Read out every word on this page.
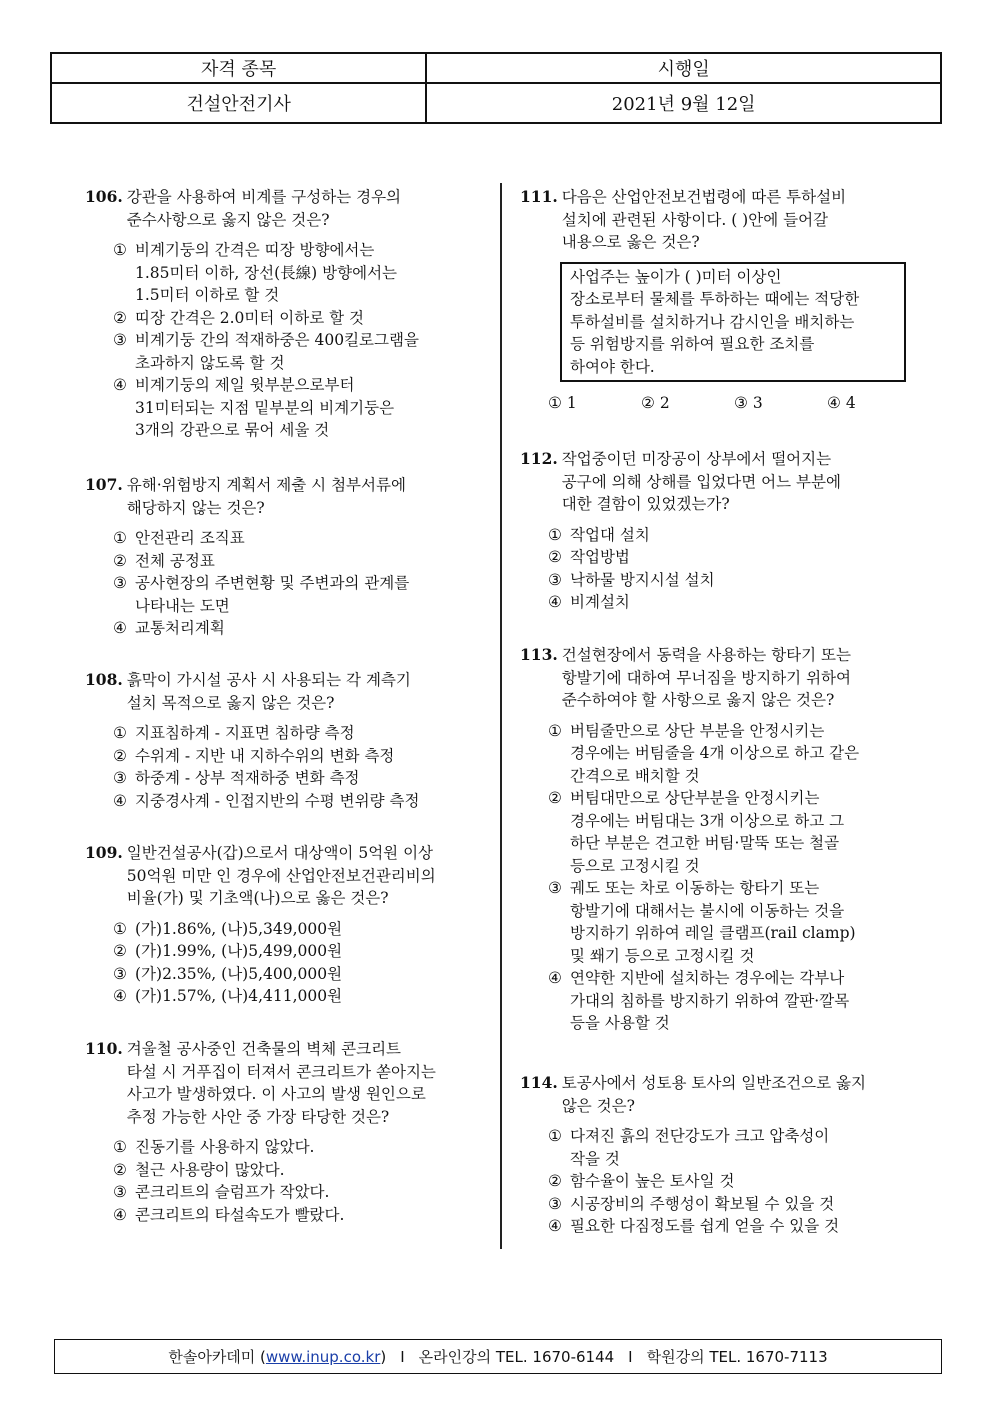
자격 종목	시행일
건설안전기사	2021년 9월 12일
106. 강관을 사용하여 비계를 구성하는 경우의
준수사항으로 옳지 않은 것은?
① 비계기둥의 간격은 띠장 방향에서는
1.85미터 이하, 장선(長線) 방향에서는
1.5미터 이하로 할 것
② 띠장 간격은 2.0미터 이하로 할 것
③ 비계기둥 간의 적재하중은 400킬로그램을
초과하지 않도록 할 것
④ 비계기둥의 제일 윗부분으로부터
31미터되는 지점 밑부분의 비계기둥은
3개의 강관으로 묶어 세울 것
107. 유해·위험방지 계획서 제출 시 첨부서류에
해당하지 않는 것은?
① 안전관리 조직표
② 전체 공정표
③ 공사현장의 주변현황 및 주변과의 관계를
나타내는 도면
④ 교통처리계획
108. 흙막이 가시설 공사 시 사용되는 각 계측기
설치 목적으로 옳지 않은 것은?
① 지표침하계 - 지표면 침하량 측정
② 수위계 - 지반 내 지하수위의 변화 측정
③ 하중계 - 상부 적재하중 변화 측정
④ 지중경사계 - 인접지반의 수평 변위량 측정
109. 일반건설공사(갑)으로서 대상액이 5억원 이상
50억원 미만 인 경우에 산업안전보건관리비의
비율(가) 및 기초액(나)으로 옳은 것은?
① (가)1.86%, (나)5,349,000원
② (가)1.99%, (나)5,499,000원
③ (가)2.35%, (나)5,400,000원
④ (가)1.57%, (나)4,411,000원
110. 겨울철 공사중인 건축물의 벽체 콘크리트
타설 시 거푸집이 터져서 콘크리트가 쏟아지는
사고가 발생하였다. 이 사고의 발생 원인으로
추정 가능한 사안 중 가장 타당한 것은?
① 진동기를 사용하지 않았다.
② 철근 사용량이 많았다.
③ 콘크리트의 슬럼프가 작았다.
④ 콘크리트의 타설속도가 빨랐다.
111. 다음은 산업안전보건법령에 따른 투하설비
설치에 관련된 사항이다. ( )안에 들어갈
내용으로 옳은 것은?
사업주는 높이가 ( )미터 이상인
장소로부터 물체를 투하하는 때에는 적당한
투하설비를 설치하거나 감시인을 배치하는
등 위험방지를 위하여 필요한 조치를
하여야 한다.
① 1	② 2	③ 3	④ 4
112. 작업중이던 미장공이 상부에서 떨어지는
공구에 의해 상해를 입었다면 어느 부분에
대한 결함이 있었겠는가?
① 작업대 설치
② 작업방법
③ 낙하물 방지시설 설치
④ 비계설치
113. 건설현장에서 동력을 사용하는 항타기 또는
항발기에 대하여 무너짐을 방지하기 위하여
준수하여야 할 사항으로 옳지 않은 것은?
① 버팀줄만으로 상단 부분을 안정시키는
경우에는 버팀줄을 4개 이상으로 하고 같은
간격으로 배치할 것
② 버팀대만으로 상단부분을 안정시키는
경우에는 버팀대는 3개 이상으로 하고 그
하단 부분은 견고한 버팀·말뚝 또는 철골
등으로 고정시킬 것
③ 궤도 또는 차로 이동하는 항타기 또는
항발기에 대해서는 불시에 이동하는 것을
방지하기 위하여 레일 클램프(rail clamp)
및 쐐기 등으로 고정시킬 것
④ 연약한 지반에 설치하는 경우에는 각부나
가대의 침하를 방지하기 위하여 깔판·깔목
등을 사용할 것
114. 토공사에서 성토용 토사의 일반조건으로 옳지
않은 것은?
① 다져진 흙의 전단강도가 크고 압축성이
작을 것
② 함수율이 높은 토사일 것
③ 시공장비의 주행성이 확보될 수 있을 것
④ 필요한 다짐정도를 쉽게 얻을 수 있을 것
한솔아카데미 ( www.inup.co.kr ) I 온라인강의 TEL. 1670-6144 I 학원강의 TEL. 1670-7113
